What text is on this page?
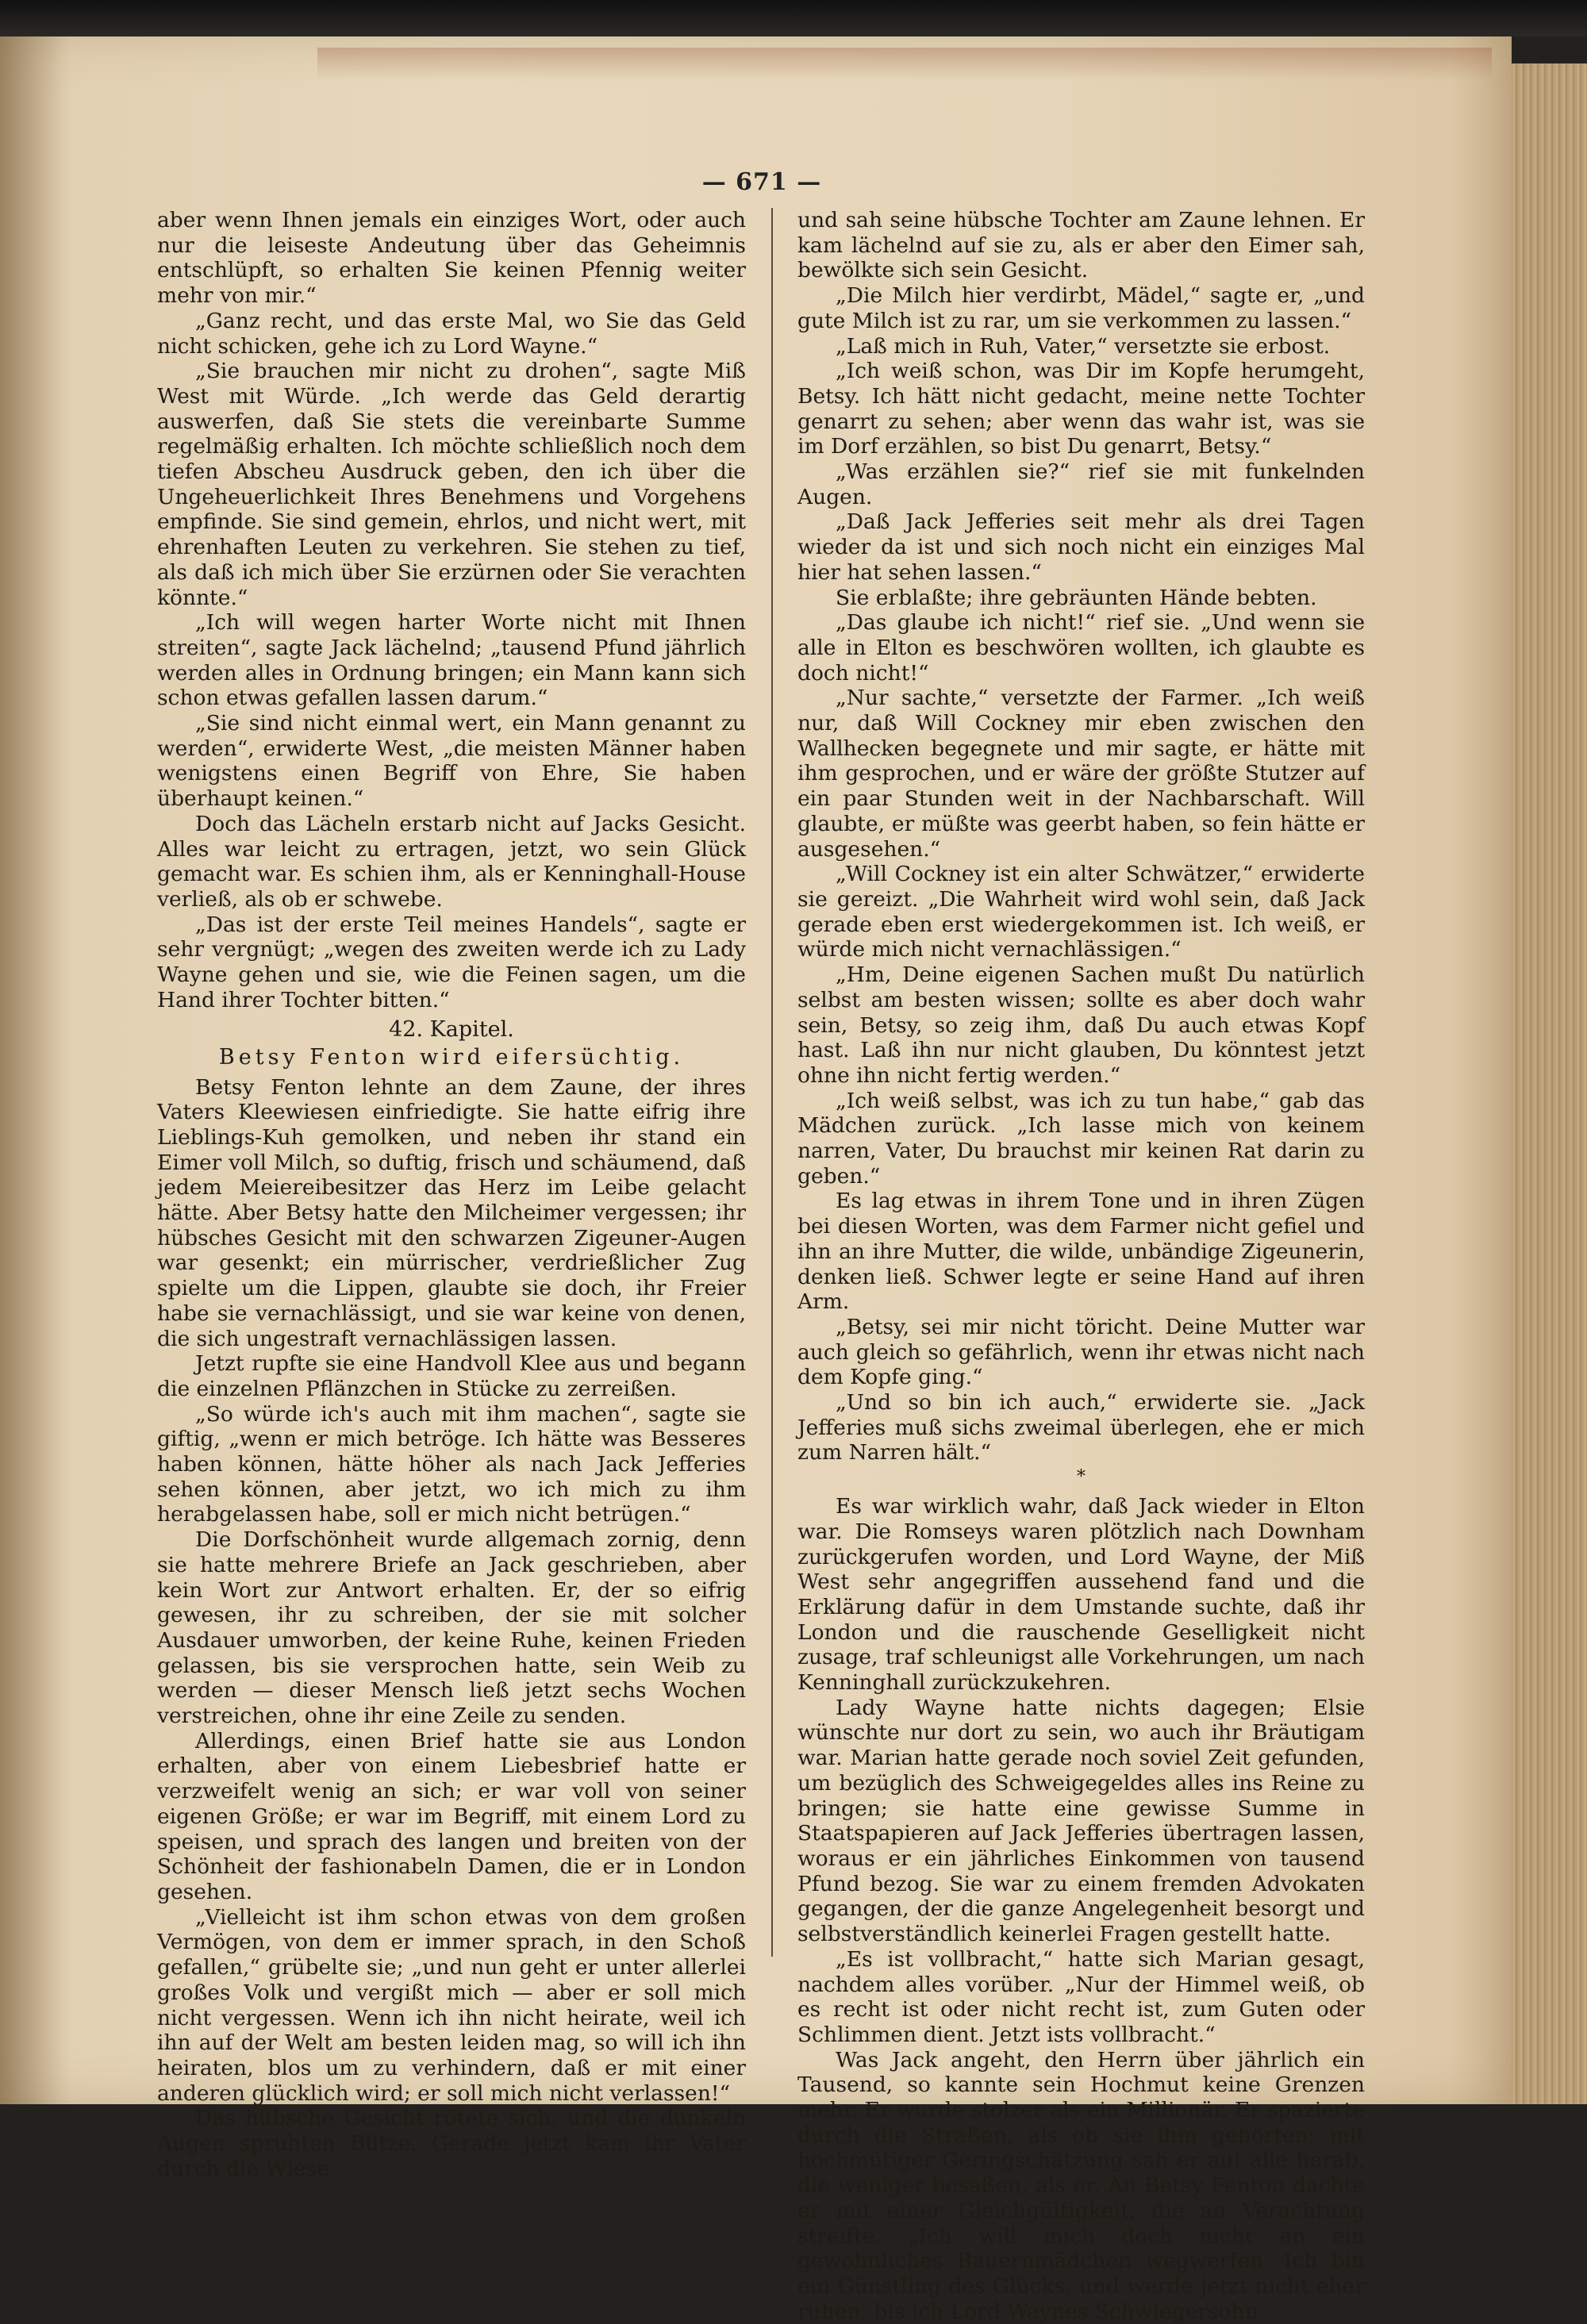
— 671 —

aber wenn Ihnen jemals ein einziges Wort, oder auch nur die leiseste Andeutung über das Geheimnis entschlüpft, so erhalten Sie keinen Pfennig weiter mehr von mir.“

„Ganz recht, und das erste Mal, wo Sie das Geld nicht schicken, gehe ich zu Lord Wayne.“

„Sie brauchen mir nicht zu drohen“, sagte Miß West mit Würde. „Ich werde das Geld derartig auswerfen, daß Sie stets die vereinbarte Summe regelmäßig erhalten. Ich möchte schließlich noch dem tiefen Abscheu Ausdruck geben, den ich über die Ungeheuerlichkeit Ihres Benehmens und Vorgehens empfinde. Sie sind gemein, ehrlos, und nicht wert, mit ehrenhaften Leuten zu verkehren. Sie stehen zu tief, als daß ich mich über Sie erzürnen oder Sie verachten könnte.“

„Ich will wegen harter Worte nicht mit Ihnen streiten“, sagte Jack lächelnd; „tausend Pfund jährlich werden alles in Ordnung bringen; ein Mann kann sich schon etwas gefallen lassen darum.“

„Sie sind nicht einmal wert, ein Mann genannt zu werden“, erwiderte West, „die meisten Männer haben wenigstens einen Begriff von Ehre, Sie haben überhaupt keinen.“

Doch das Lächeln erstarb nicht auf Jacks Gesicht. Alles war leicht zu ertragen, jetzt, wo sein Glück gemacht war. Es schien ihm, als er Kenninghall-House verließ, als ob er schwebe.

„Das ist der erste Teil meines Handels“, sagte er sehr vergnügt; „wegen des zweiten werde ich zu Lady Wayne gehen und sie, wie die Feinen sagen, um die Hand ihrer Tochter bitten.“

42. Kapitel.
Betsy Fenton wird eifersüchtig.

Betsy Fenton lehnte an dem Zaune, der ihres Vaters Kleewiesen einfriedigte. Sie hatte eifrig ihre Lieblings-Kuh gemolken, und neben ihr stand ein Eimer voll Milch, so duftig, frisch und schäumend, daß jedem Meiereibesitzer das Herz im Leibe gelacht hätte. Aber Betsy hatte den Milcheimer vergessen; ihr hübsches Gesicht mit den schwarzen Zigeuner-Augen war gesenkt; ein mürrischer, verdrießlicher Zug spielte um die Lippen, glaubte sie doch, ihr Freier habe sie vernachlässigt, und sie war keine von denen, die sich ungestraft vernachlässigen lassen.

Jetzt rupfte sie eine Handvoll Klee aus und begann die einzelnen Pflänzchen in Stücke zu zerreißen.

„So würde ich's auch mit ihm machen“, sagte sie giftig, „wenn er mich betröge. Ich hätte was Besseres haben können, hätte höher als nach Jack Jefferies sehen können, aber jetzt, wo ich mich zu ihm herabgelassen habe, soll er mich nicht betrügen.“

Die Dorfschönheit wurde allgemach zornig, denn sie hatte mehrere Briefe an Jack geschrieben, aber kein Wort zur Antwort erhalten. Er, der so eifrig gewesen, ihr zu schreiben, der sie mit solcher Ausdauer umworben, der keine Ruhe, keinen Frieden gelassen, bis sie versprochen hatte, sein Weib zu werden — dieser Mensch ließ jetzt sechs Wochen verstreichen, ohne ihr eine Zeile zu senden.

Allerdings, einen Brief hatte sie aus London erhalten, aber von einem Liebesbrief hatte er verzweifelt wenig an sich; er war voll von seiner eigenen Größe; er war im Begriff, mit einem Lord zu speisen, und sprach des langen und breiten von der Schönheit der fashionabeln Damen, die er in London gesehen.

„Vielleicht ist ihm schon etwas von dem großen Vermögen, von dem er immer sprach, in den Schoß gefallen,“ grübelte sie; „und nun geht er unter allerlei großes Volk und vergißt mich — aber er soll mich nicht vergessen. Wenn ich ihn nicht heirate, weil ich ihn auf der Welt am besten leiden mag, so will ich ihn heiraten, blos um zu verhindern, daß er mit einer anderen glücklich wird; er soll mich nicht verlassen!“

Das hübsche Gesicht rötete sich, und die dunkeln Augen sprühten Blitze. Gerade jetzt kam ihr Vater durch die Wiese

und sah seine hübsche Tochter am Zaune lehnen. Er kam lächelnd auf sie zu, als er aber den Eimer sah, bewölkte sich sein Gesicht.

„Die Milch hier verdirbt, Mädel,“ sagte er, „und gute Milch ist zu rar, um sie verkommen zu lassen.“

„Laß mich in Ruh, Vater,“ versetzte sie erbost.

„Ich weiß schon, was Dir im Kopfe herumgeht, Betsy. Ich hätt nicht gedacht, meine nette Tochter genarrt zu sehen; aber wenn das wahr ist, was sie im Dorf erzählen, so bist Du genarrt, Betsy.“

„Was erzählen sie?“ rief sie mit funkelnden Augen.

„Daß Jack Jefferies seit mehr als drei Tagen wieder da ist und sich noch nicht ein einziges Mal hier hat sehen lassen.“

Sie erblaßte; ihre gebräunten Hände bebten.

„Das glaube ich nicht!“ rief sie. „Und wenn sie alle in Elton es beschwören wollten, ich glaubte es doch nicht!“

„Nur sachte,“ versetzte der Farmer. „Ich weiß nur, daß Will Cockney mir eben zwischen den Wallhecken begegnete und mir sagte, er hätte mit ihm gesprochen, und er wäre der größte Stutzer auf ein paar Stunden weit in der Nachbarschaft. Will glaubte, er müßte was geerbt haben, so fein hätte er ausgesehen.“

„Will Cockney ist ein alter Schwätzer,“ erwiderte sie gereizt. „Die Wahrheit wird wohl sein, daß Jack gerade eben erst wiedergekommen ist. Ich weiß, er würde mich nicht vernachlässigen.“

„Hm, Deine eigenen Sachen mußt Du natürlich selbst am besten wissen; sollte es aber doch wahr sein, Betsy, so zeig ihm, daß Du auch etwas Kopf hast. Laß ihn nur nicht glauben, Du könntest jetzt ohne ihn nicht fertig werden.“

„Ich weiß selbst, was ich zu tun habe,“ gab das Mädchen zurück. „Ich lasse mich von keinem narren, Vater, Du brauchst mir keinen Rat darin zu geben.“

Es lag etwas in ihrem Tone und in ihren Zügen bei diesen Worten, was dem Farmer nicht gefiel und ihn an ihre Mutter, die wilde, unbändige Zigeunerin, denken ließ. Schwer legte er seine Hand auf ihren Arm.

„Betsy, sei mir nicht töricht. Deine Mutter war auch gleich so gefährlich, wenn ihr etwas nicht nach dem Kopfe ging.“

„Und so bin ich auch,“ erwiderte sie. „Jack Jefferies muß sichs zweimal überlegen, ehe er mich zum Narren hält.“

*

Es war wirklich wahr, daß Jack wieder in Elton war. Die Romseys waren plötzlich nach Downham zurückgerufen worden, und Lord Wayne, der Miß West sehr angegriffen aussehend fand und die Erklärung dafür in dem Umstande suchte, daß ihr London und die rauschende Geselligkeit nicht zusage, traf schleunigst alle Vorkehrungen, um nach Kenninghall zurückzukehren.

Lady Wayne hatte nichts dagegen; Elsie wünschte nur dort zu sein, wo auch ihr Bräutigam war. Marian hatte gerade noch soviel Zeit gefunden, um bezüglich des Schweigegeldes alles ins Reine zu bringen; sie hatte eine gewisse Summe in Staatspapieren auf Jack Jefferies übertragen lassen, woraus er ein jährliches Einkommen von tausend Pfund bezog. Sie war zu einem fremden Advokaten gegangen, der die ganze Angelegenheit besorgt und selbstverständlich keinerlei Fragen gestellt hatte.

„Es ist vollbracht,“ hatte sich Marian gesagt, nachdem alles vorüber. „Nur der Himmel weiß, ob es recht ist oder nicht recht ist, zum Guten oder Schlimmen dient. Jetzt ists vollbracht.“

Was Jack angeht, den Herrn über jährlich ein Tausend, so kannte sein Hochmut keine Grenzen mehr. Er wurde stolzer als ein Millionär. Er spazierte durch die Straßen, als ob sie ihm gehörten; mit hochmütiger Geringschätzung sah er auf alle herab, die weniger besaßen, als er. An Betsy Fenton dachte er mit einer Gleichgültigkeit, die an Verachtung streifte. „Ich will mich doch nicht an ein gewöhnliches Bauernmädchen wegwerfen. Ich bin ein Günstling des Glücks, und werde jetzt nicht eher ruhen, bis ich Lord Waynes Schwiegersohn
